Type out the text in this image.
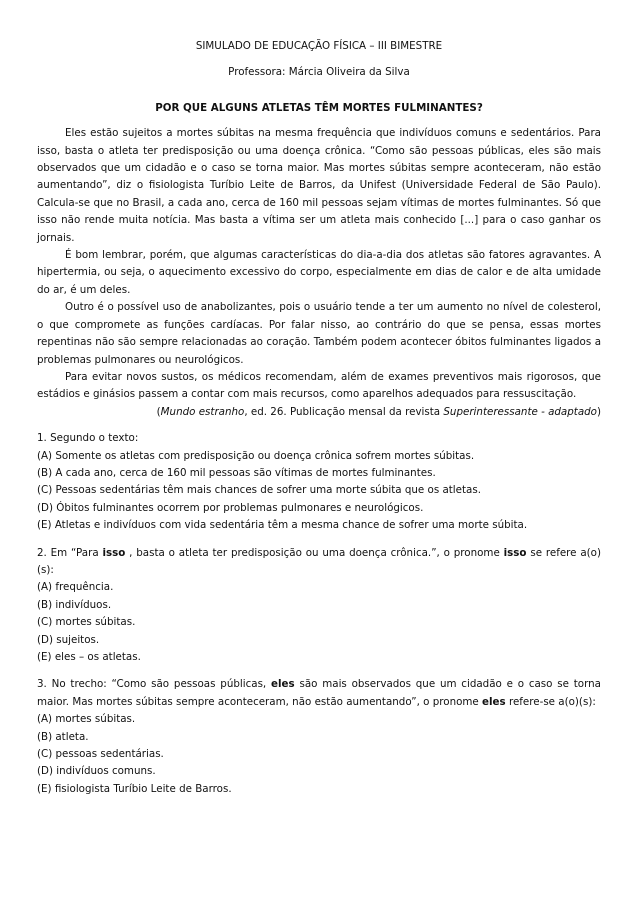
SIMULADO DE EDUCAÇÃO FÍSICA – III BIMESTRE
Professora: Márcia Oliveira da Silva
POR QUE ALGUNS ATLETAS TÊM MORTES FULMINANTES?

Eles estão sujeitos a mortes súbitas na mesma frequência que indivíduos comuns e sedentários. Para isso, basta o atleta ter predisposição ou uma doença crônica. “Como são pessoas públicas, eles são mais observados que um cidadão e o caso se torna maior. Mas mortes súbitas sempre aconteceram, não estão aumentando”, diz o fisiologista Turíbio Leite de Barros, da Unifest (Universidade Federal de São Paulo). Calcula-se que no Brasil, a cada ano, cerca de 160 mil pessoas sejam vítimas de mortes fulminantes. Só que isso não rende muita notícia. Mas basta a vítima ser um atleta mais conhecido [...] para o caso ganhar os jornais.

É bom lembrar, porém, que algumas características do dia-a-dia dos atletas são fatores agravantes. A hipertermia, ou seja, o aquecimento excessivo do corpo, especialmente em dias de calor e de alta umidade do ar, é um deles.

Outro é o possível uso de anabolizantes, pois o usuário tende a ter um aumento no nível de colesterol, o que compromete as funções cardíacas. Por falar nisso, ao contrário do que se pensa, essas mortes repentinas não são sempre relacionadas ao coração. Também podem acontecer óbitos fulminantes ligados a problemas pulmonares ou neurológicos.

Para evitar novos sustos, os médicos recomendam, além de exames preventivos mais rigorosos, que estádios e ginásios passem a contar com mais recursos, como aparelhos adequados para ressuscitação.

(Mundo estranho, ed. 26. Publicação mensal da revista Superinteressante - adaptado)
1. Segundo o texto:
(A) Somente os atletas com predisposição ou doença crônica sofrem mortes súbitas.
(B) A cada ano, cerca de 160 mil pessoas são vítimas de mortes fulminantes.
(C) Pessoas sedentárias têm mais chances de sofrer uma morte súbita que os atletas.
(D) Óbitos fulminantes ocorrem por problemas pulmonares e neurológicos.
(E) Atletas e indivíduos com vida sedentária têm a mesma chance de sofrer uma morte súbita.
2. Em “Para isso , basta o atleta ter predisposição ou uma doença crônica.”, o pronome isso se refere a(o)(s):
(A) frequência.
(B) indivíduos.
(C) mortes súbitas.
(D) sujeitos.
(E) eles – os atletas.
3. No trecho: “Como são pessoas públicas, eles são mais observados que um cidadão e o caso se torna maior. Mas mortes súbitas sempre aconteceram, não estão aumentando”, o pronome eles refere-se a(o)(s):
(A) mortes súbitas.
(B) atleta.
(C) pessoas sedentárias.
(D) indivíduos comuns.
(E) fisiologista Turíbio Leite de Barros.
